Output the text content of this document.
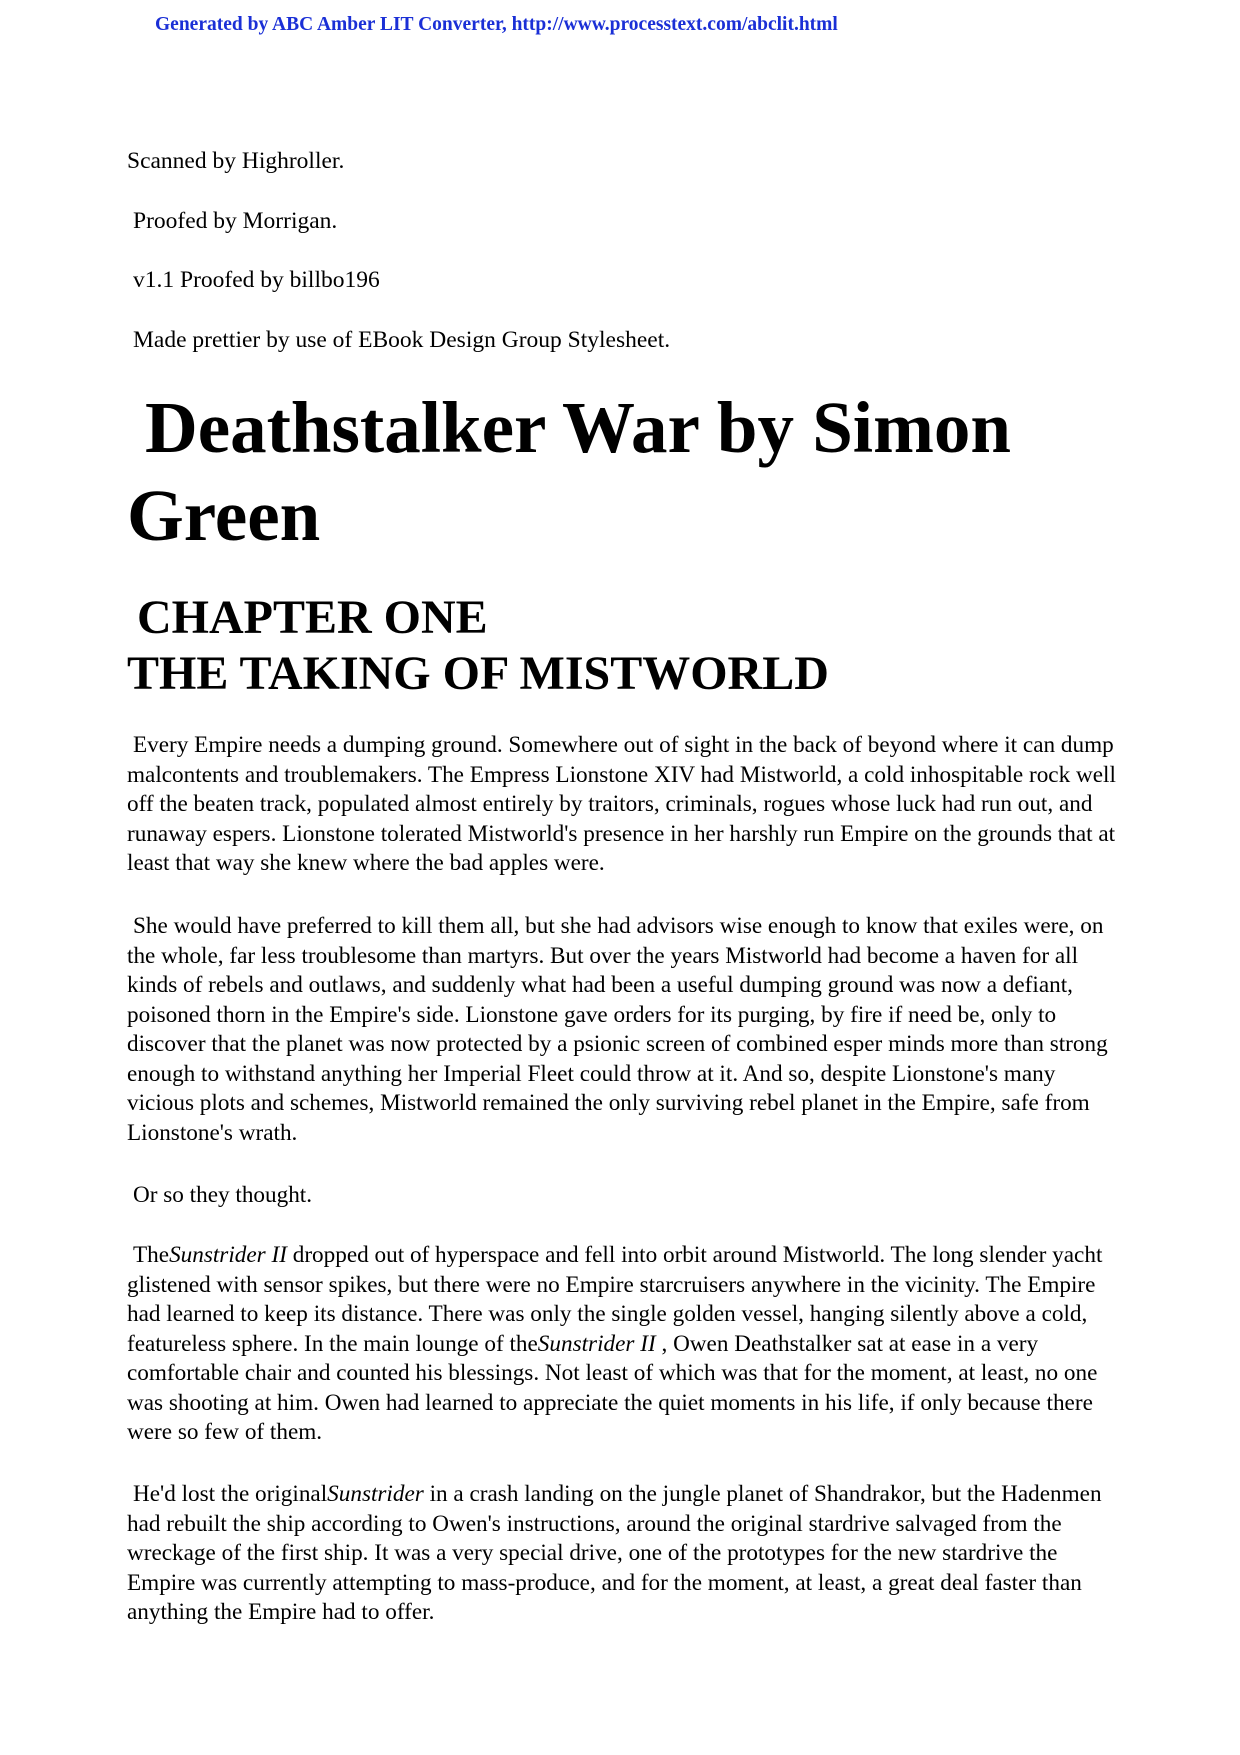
Generated by ABC Amber LIT Converter, http://www.processtext.com/abclit.html
Scanned by Highroller.
Proofed by Morrigan.
v1.1 Proofed by billbo196
Made prettier by use of EBook Design Group Stylesheet.
Deathstalker War by Simon
Green
CHAPTER ONE
THE TAKING OF MISTWORLD

Every Empire needs a dumping ground. Somewhere out of sight in the back of beyond where it can dump malcontents and troublemakers. The Empress Lionstone XIV had Mistworld, a cold inhospitable rock well off the beaten track, populated almost entirely by traitors, criminals, rogues whose luck had run out, and runaway espers. Lionstone tolerated Mistworld's presence in her harshly run Empire on the grounds that at least that way she knew where the bad apples were.

She would have preferred to kill them all, but she had advisors wise enough to know that exiles were, on the whole, far less troublesome than martyrs. But over the years Mistworld had become a haven for all kinds of rebels and outlaws, and suddenly what had been a useful dumping ground was now a defiant, poisoned thorn in the Empire's side. Lionstone gave orders for its purging, by fire if need be, only to discover that the planet was now protected by a psionic screen of combined esper minds more than strong enough to withstand anything her Imperial Fleet could throw at it. And so, despite Lionstone's many vicious plots and schemes, Mistworld remained the only surviving rebel planet in the Empire, safe from Lionstone's wrath.

Or so they thought.

TheSunstrider II dropped out of hyperspace and fell into orbit around Mistworld. The long slender yacht glistened with sensor spikes, but there were no Empire starcruisers anywhere in the vicinity. The Empire had learned to keep its distance. There was only the single golden vessel, hanging silently above a cold, featureless sphere. In the main lounge of theSunstrider II , Owen Deathstalker sat at ease in a very comfortable chair and counted his blessings. Not least of which was that for the moment, at least, no one was shooting at him. Owen had learned to appreciate the quiet moments in his life, if only because there were so few of them.

He'd lost the originalSunstrider in a crash landing on the jungle planet of Shandrakor, but the Hadenmen had rebuilt the ship according to Owen's instructions, around the original stardrive salvaged from the wreckage of the first ship. It was a very special drive, one of the prototypes for the new stardrive the Empire was currently attempting to mass-produce, and for the moment, at least, a great deal faster than anything the Empire had to offer.
